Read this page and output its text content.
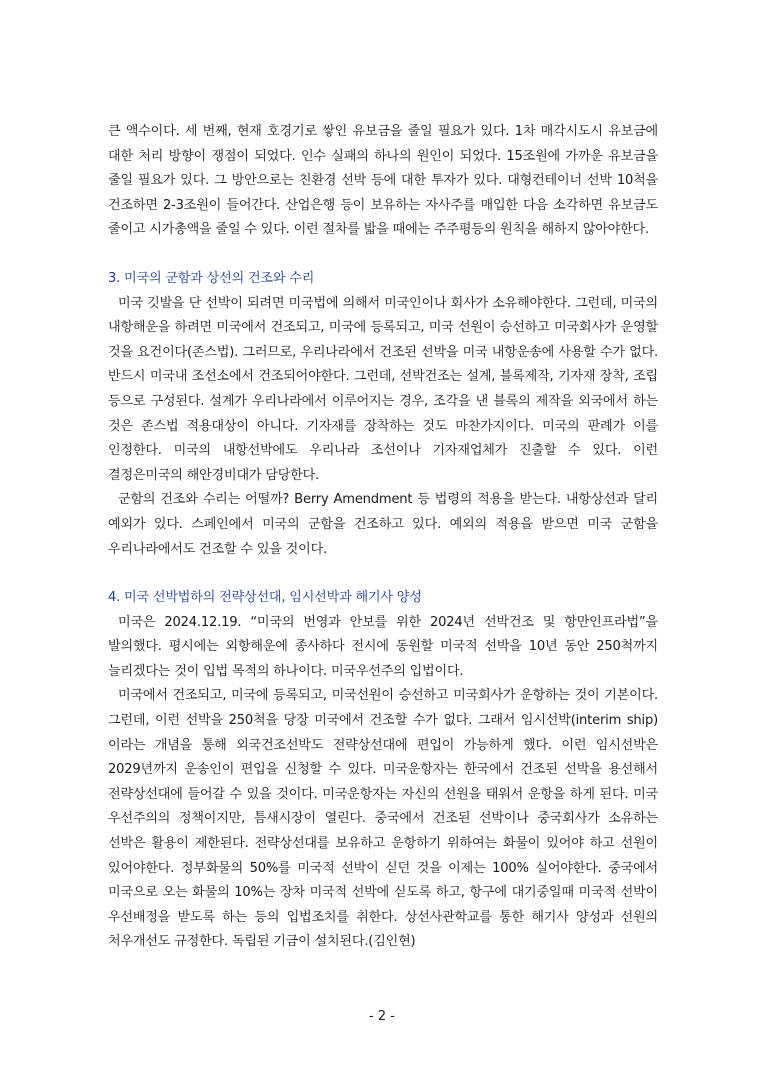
큰 액수이다. 세 번째, 현재 호경기로 쌓인 유보금을 줄일 필요가 있다. 1차 매각시도시 유보금에 대한 처리 방향이 쟁점이 되었다. 인수 실패의 하나의 원인이 되었다. 15조원에 가까운 유보금을 줄일 필요가 있다. 그 방안으로는 친환경 선박 등에 대한 투자가 있다. 대형컨테이너 선박 10척을 건조하면 2-3조원이 들어간다. 산업은행 등이 보유하는 자사주를 매입한 다음 소각하면 유보금도 줄이고 시가총액을 줄일 수 있다. 이런 절차를 밟을 때에는 주주평등의 원칙을 해하지 않아야한다.

3. 미국의 군함과 상선의 건조와 수리

미국 깃발을 단 선박이 되려면 미국법에 의해서 미국인이나 회사가 소유해야한다. 그런데, 미국의 내항해운을 하려면 미국에서 건조되고, 미국에 등록되고, 미국 선원이 승선하고 미국회사가 운영할 것을 요건이다(존스법). 그러므로, 우리나라에서 건조된 선박을 미국 내항운송에 사용할 수가 없다. 반드시 미국내 조선소에서 건조되어야한다. 그런데, 선박건조는 설계, 블록제작, 기자재 장착, 조립 등으로 구성된다. 설계가 우리나라에서 이루어지는 경우, 조각을 낸 블록의 제작을 외국에서 하는 것은 존스법 적용대상이 아니다. 기자재를 장착하는 것도 마찬가지이다. 미국의 판례가 이를 인정한다. 미국의 내항선박에도 우리나라 조선이나 기자재업체가 진출할 수 있다. 이런 결정은미국의 해안경비대가 담당한다.

군함의 건조와 수리는 어떨까? Berry Amendment 등 법령의 적용을 받는다. 내항상선과 달리 예외가 있다. 스페인에서 미국의 군함을 건조하고 있다. 예외의 적용을 받으면 미국 군함을 우리나라에서도 건조할 수 있을 것이다.

4. 미국 선박법하의 전략상선대, 임시선박과 해기사 양성

미국은 2024.12.19. “미국의 번영과 안보를 위한 2024년 선박건조 및 항만인프라법”을 발의했다. 평시에는 외항해운에 종사하다 전시에 동원할 미국적 선박을 10년 동안 250척까지 늘리겠다는 것이 입법 목적의 하나이다. 미국우선주의 입법이다.

미국에서 건조되고, 미국에 등록되고, 미국선원이 승선하고 미국회사가 운항하는 것이 기본이다. 그런데, 이런 선박을 250척을 당장 미국에서 건조할 수가 없다. 그래서 임시선박(interim ship)이라는 개념을 통해 외국건조선박도 전략상선대에 편입이 가능하게 했다. 이런 임시선박은 2029년까지 운송인이 편입을 신청할 수 있다. 미국운항자는 한국에서 건조된 선박을 용선해서 전략상선대에 들어갈 수 있을 것이다. 미국운항자는 자신의 선원을 태워서 운항을 하게 된다. 미국 우선주의의 정책이지만, 틈새시장이 열린다. 중국에서 건조된 선박이나 중국회사가 소유하는 선박은 활용이 제한된다. 전략상선대를 보유하고 운항하기 위하여는 화물이 있어야 하고 선원이 있어야한다. 정부화물의 50%를 미국적 선박이 싣던 것을 이제는 100% 실어야한다. 중국에서 미국으로 오는 화물의 10%는 장차 미국적 선박에 싣도록 하고, 항구에 대기중일때 미국적 선박이 우선배정을 받도록 하는 등의 입법조치를 취한다. 상선사관학교를 통한 해기사 양성과 선원의 처우개선도 규정한다. 독립된 기금이 설치된다.(김인현)

- 2 -
